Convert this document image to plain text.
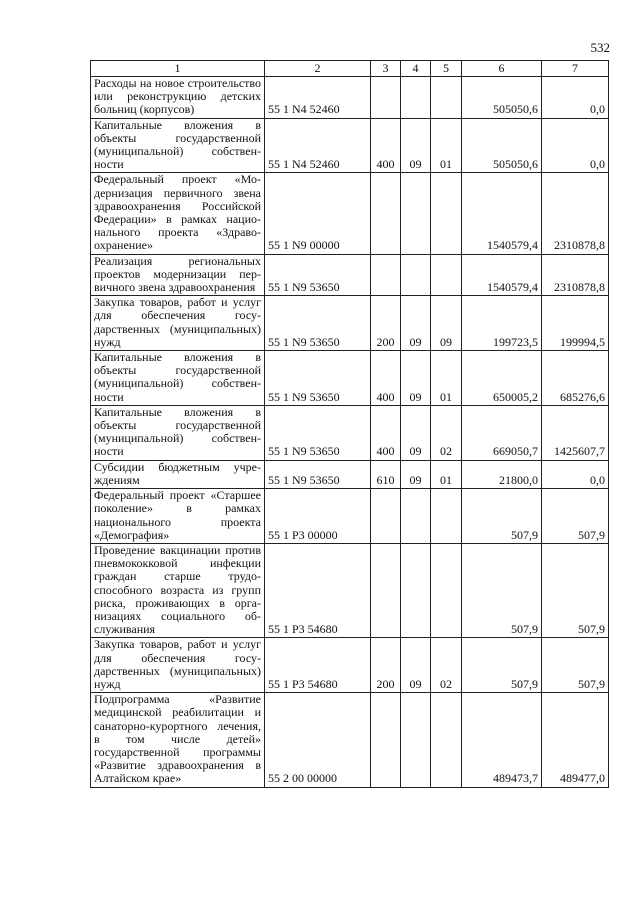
532
1	2	3	4	5	6	7
Расходы на новое строительство или реконструкцию детских больниц (корпусов)	55 1 N4 52460				505050,6	0,0
Капитальные вложения в объекты государственной (муниципальной) собственности	55 1 N4 52460	400	09	01	505050,6	0,0
Федеральный проект «Модернизация первичного звена здравоохранения Российской Федерации» в рамках национального проекта «Здравоохранение»	55 1 N9 00000				1540579,4	2310878,8
Реализация региональных проектов модернизации первичного звена здравоохранения	55 1 N9 53650				1540579,4	2310878,8
Закупка товаров, работ и услуг для обеспечения государственных (муниципальных) нужд	55 1 N9 53650	200	09	09	199723,5	199994,5
Капитальные вложения в объекты государственной (муниципальной) собственности	55 1 N9 53650	400	09	01	650005,2	685276,6
Капитальные вложения в объекты государственной (муниципальной) собственности	55 1 N9 53650	400	09	02	669050,7	1425607,7
Субсидии бюджетным учреждениям	55 1 N9 53650	610	09	01	21800,0	0,0
Федеральный проект «Старшее поколение» в рамках национального проекта «Демография»	55 1 P3 00000				507,9	507,9
Проведение вакцинации против пневмококковой инфекции граждан старше трудоспособного возраста из групп риска, проживающих в организациях социального обслуживания	55 1 P3 54680				507,9	507,9
Закупка товаров, работ и услуг для обеспечения государственных (муниципальных) нужд	55 1 P3 54680	200	09	02	507,9	507,9
Подпрограмма «Развитие медицинской реабилитации и санаторно-курортного лечения, в том числе детей» государственной программы «Развитие здравоохранения в Алтайском крае»	55 2 00 00000				489473,7	489477,0
